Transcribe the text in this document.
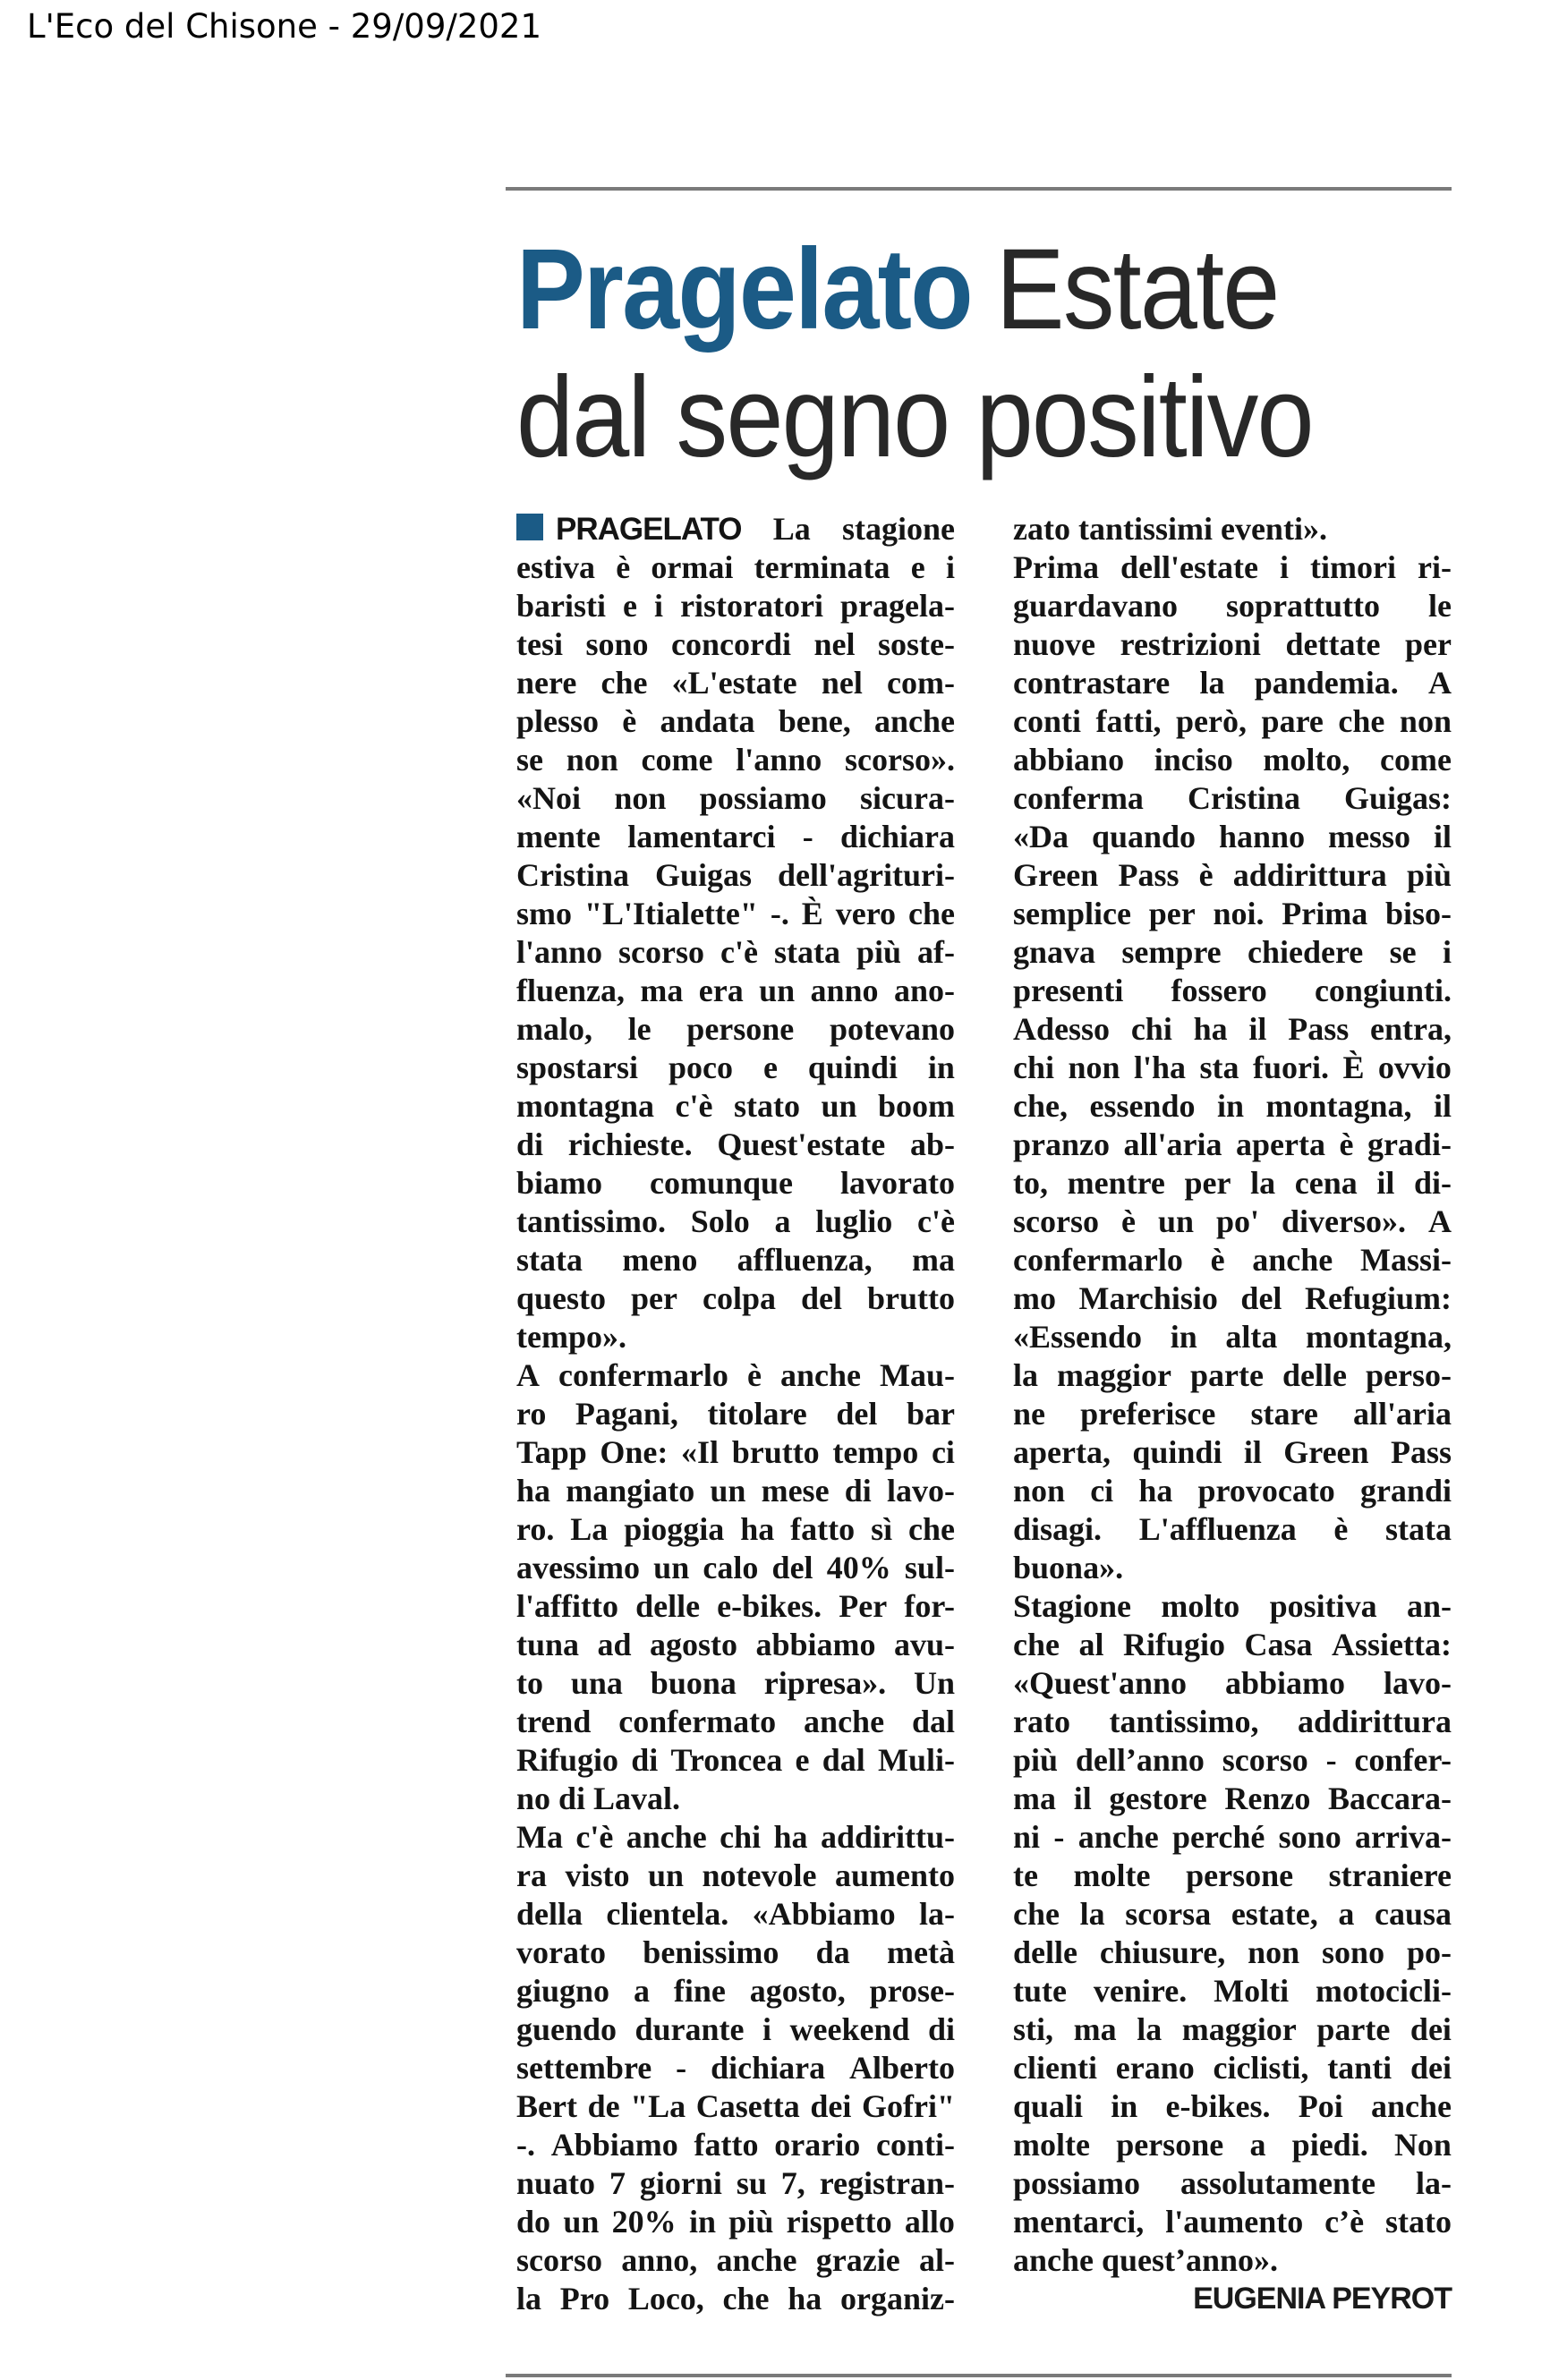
L'Eco del Chisone - 29/09/2021
Pragelato Estate
dal segno positivo
PRAGELATO La stagione
estiva è ormai terminata e i
baristi e i ristoratori pragela-
tesi sono concordi nel soste-
nere che «L'estate nel com-
plesso è andata bene, anche
se non come l'anno scorso».
«Noi non possiamo sicura-
mente lamentarci - dichiara
Cristina Guigas dell'agrituri-
smo "L'Itialette" -. È vero che
l'anno scorso c'è stata più af-
fluenza, ma era un anno ano-
malo, le persone potevano
spostarsi poco e quindi in
montagna c'è stato un boom
di richieste. Quest'estate ab-
biamo comunque lavorato
tantissimo. Solo a luglio c'è
stata meno affluenza, ma
questo per colpa del brutto
tempo».
A confermarlo è anche Mau-
ro Pagani, titolare del bar
Tapp One: «Il brutto tempo ci
ha mangiato un mese di lavo-
ro. La pioggia ha fatto sì che
avessimo un calo del 40% sul-
l'affitto delle e-bikes. Per for-
tuna ad agosto abbiamo avu-
to una buona ripresa». Un
trend confermato anche dal
Rifugio di Troncea e dal Muli-
no di Laval.
Ma c'è anche chi ha addirittu-
ra visto un notevole aumento
della clientela. «Abbiamo la-
vorato benissimo da metà
giugno a fine agosto, prose-
guendo durante i weekend di
settembre - dichiara Alberto
Bert de "La Casetta dei Gofri"
-. Abbiamo fatto orario conti-
nuato 7 giorni su 7, registran-
do un 20% in più rispetto allo
scorso anno, anche grazie al-
la Pro Loco, che ha organiz-
zato tantissimi eventi».
Prima dell'estate i timori ri-
guardavano soprattutto le
nuove restrizioni dettate per
contrastare la pandemia. A
conti fatti, però, pare che non
abbiano inciso molto, come
conferma Cristina Guigas:
«Da quando hanno messo il
Green Pass è addirittura più
semplice per noi. Prima biso-
gnava sempre chiedere se i
presenti fossero congiunti.
Adesso chi ha il Pass entra,
chi non l'ha sta fuori. È ovvio
che, essendo in montagna, il
pranzo all'aria aperta è gradi-
to, mentre per la cena il di-
scorso è un po' diverso». A
confermarlo è anche Massi-
mo Marchisio del Refugium:
«Essendo in alta montagna,
la maggior parte delle perso-
ne preferisce stare all'aria
aperta, quindi il Green Pass
non ci ha provocato grandi
disagi. L'affluenza è stata
buona».
Stagione molto positiva an-
che al Rifugio Casa Assietta:
«Quest'anno abbiamo lavo-
rato tantissimo, addirittura
più dell’anno scorso - confer-
ma il gestore Renzo Baccara-
ni - anche perché sono arriva-
te molte persone straniere
che la scorsa estate, a causa
delle chiusure, non sono po-
tute venire. Molti motocicli-
sti, ma la maggior parte dei
clienti erano ciclisti, tanti dei
quali in e-bikes. Poi anche
molte persone a piedi. Non
possiamo assolutamente la-
mentarci, l'aumento c’è stato
anche quest’anno».
EUGENIA PEYROT
